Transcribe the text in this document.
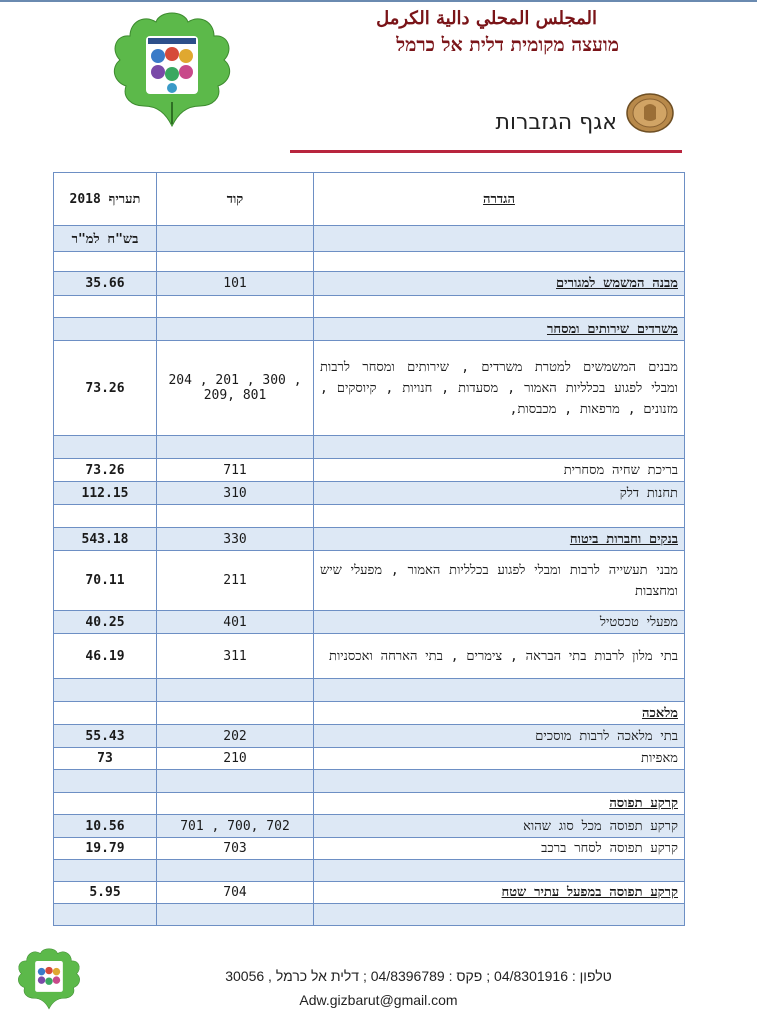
المجلس المحلي دالية الكرمل
מועצה מקומית דלית אל כרמל
אגף הגזברות
תעריף 2018	קוד	הגדרה
בש"ח למ"ר		

35.66	101	מבנה המשמש למגורים

		משרדים שירותים ומסחר
73.26	204 , 201 , 300 , 209, 801	מבנים המשמשים למטרת משרדים , שירותים ומסחר לרבות ומבלי לפגוע בכלליות האמור , מסעדות , חנויות , קיוסקים , מזנונים , מרפאות , מכבסות,

73.26	711	בריכת שחיה מסחרית
112.15	310	תחנות דלק

543.18	330	בנקים וחברות ביטוח
70.11	211	מבני תעשייה לרבות ומבלי לפגוע בכלליות האמור , מפעלי שיש ומחצבות
40.25	401	מפעלי טכסטיל
46.19	311	בתי מלון לרבות בתי הבראה , צימרים , בתי הארחה ואכסניות

		מלאכה
55.43	202	בתי מלאכה לרבות מוסכים
73	210	מאפיות

		קרקע תפוסה
10.56	701 , 700, 702	קרקע תפוסה מכל סוג שהוא
19.79	703	קרקע תפוסה לסחר ברכב

5.95	704	קרקע תפוסה במפעל עתיר שטח

טלפון : 04/8301916 ; פקס : 04/8396789 ; דלית אל כרמל , 30056
Adw.gizbarut@gmail.com
